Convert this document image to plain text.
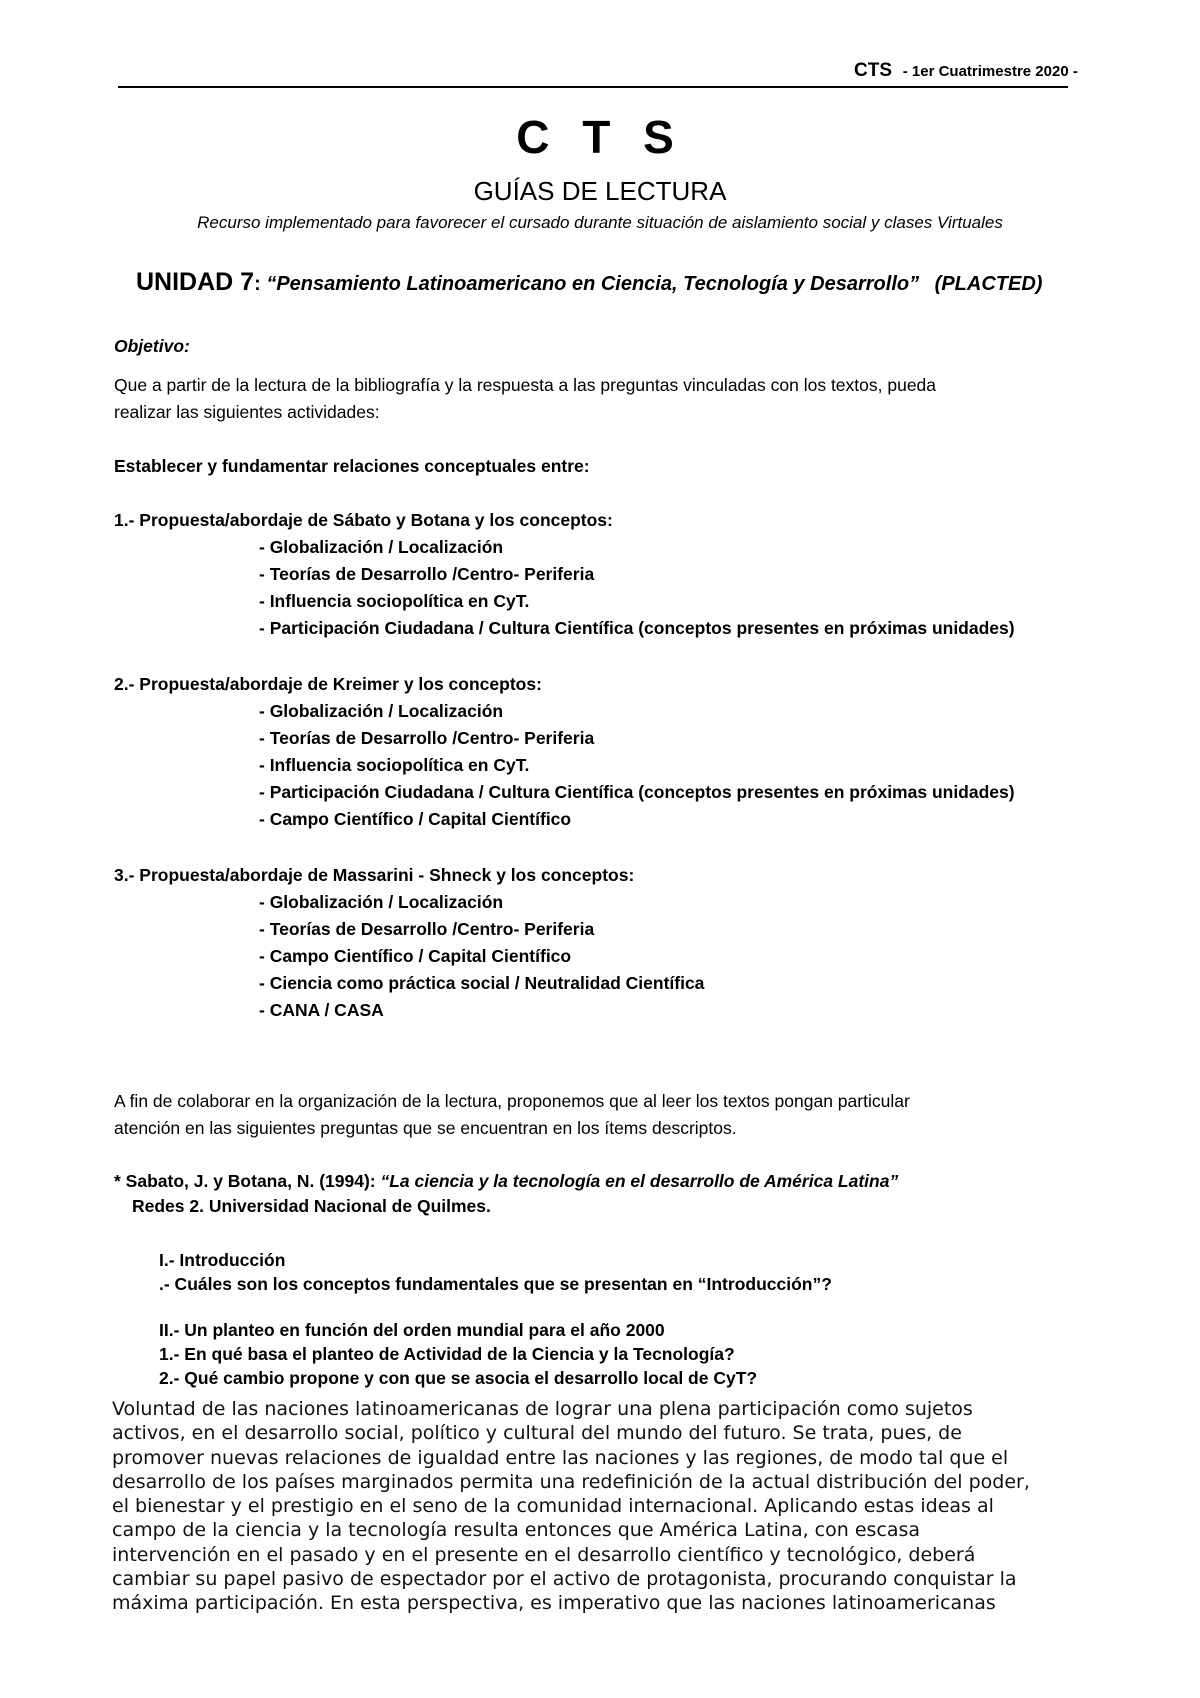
CTS - 1er Cuatrimestre 2020 -
C T S
GUÍAS DE LECTURA
Recurso implementado para favorecer el cursado durante situación de aislamiento social y clases Virtuales
UNIDAD 7: “Pensamiento Latinoamericano en Ciencia, Tecnología y Desarrollo” (PLACTED)
Objetivo:
Que a partir de la lectura de la bibliografía y la respuesta a las preguntas vinculadas con los textos, pueda
realizar las siguientes actividades:
Establecer y fundamentar relaciones conceptuales entre:
1.- Propuesta/abordaje de Sábato y Botana y los conceptos:
- Globalización / Localización
- Teorías de Desarrollo /Centro- Periferia
- Influencia sociopolítica en CyT.
- Participación Ciudadana / Cultura Científica (conceptos presentes en próximas unidades)
2.- Propuesta/abordaje de Kreimer y los conceptos:
- Globalización / Localización
- Teorías de Desarrollo /Centro- Periferia
- Influencia sociopolítica en CyT.
- Participación Ciudadana / Cultura Científica (conceptos presentes en próximas unidades)
- Campo Científico / Capital Científico
3.- Propuesta/abordaje de Massarini - Shneck y los conceptos:
- Globalización / Localización
- Teorías de Desarrollo /Centro- Periferia
- Campo Científico / Capital Científico
- Ciencia como práctica social / Neutralidad Científica
- CANA / CASA
A fin de colaborar en la organización de la lectura, proponemos que al leer los textos pongan particular
atención en las siguientes preguntas que se encuentran en los ítems descriptos.
* Sabato, J. y Botana, N. (1994): “La ciencia y la tecnología en el desarrollo de América Latina”
Redes 2. Universidad Nacional de Quilmes.
I.- Introducción
.- Cuáles son los conceptos fundamentales que se presentan en “Introducción”?
II.- Un planteo en función del orden mundial para el año 2000
1.- En qué basa el planteo de Actividad de la Ciencia y la Tecnología?
2.- Qué cambio propone y con que se asocia el desarrollo local de CyT?
Voluntad de las naciones latinoamericanas de lograr una plena participación como sujetos
activos, en el desarrollo social, político y cultural del mundo del futuro. Se trata, pues, de
promover nuevas relaciones de igualdad entre las naciones y las regiones, de modo tal que el
desarrollo de los países marginados permita una redefinición de la actual distribución del poder,
el bienestar y el prestigio en el seno de la comunidad internacional. Aplicando estas ideas al
campo de la ciencia y la tecnología resulta entonces que América Latina, con escasa
intervención en el pasado y en el presente en el desarrollo científico y tecnológico, deberá
cambiar su papel pasivo de espectador por el activo de protagonista, procurando conquistar la
máxima participación. En esta perspectiva, es imperativo que las naciones latinoamericanas
